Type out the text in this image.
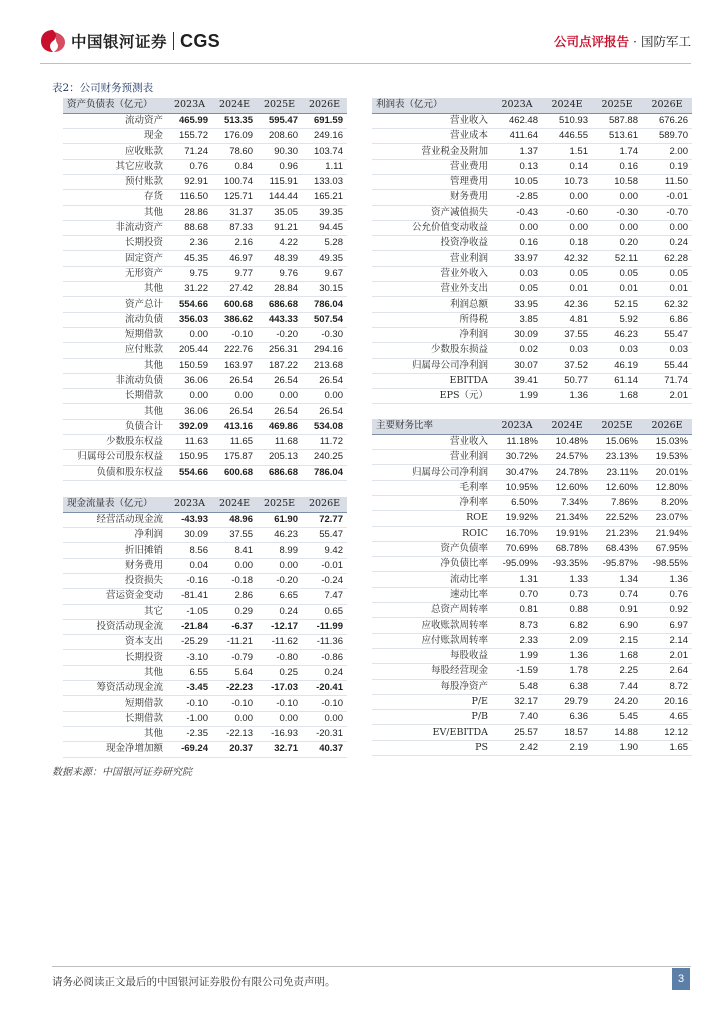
中国银河证券 CGS	公司点评报告 · 国防军工
表2：公司财务预测表
资产负债表（亿元）	2023A	2024E	2025E	2026E
流动资产	465.99	513.35	595.47	691.59
现金	155.72	176.09	208.60	249.16
应收账款	71.24	78.60	90.30	103.74
其它应收款	0.76	0.84	0.96	1.11
预付账款	92.91	100.74	115.91	133.03
存货	116.50	125.71	144.44	165.21
其他	28.86	31.37	35.05	39.35
非流动资产	88.68	87.33	91.21	94.45
长期投资	2.36	2.16	4.22	5.28
固定资产	45.35	46.97	48.39	49.35
无形资产	9.75	9.77	9.76	9.67
其他	31.22	27.42	28.84	30.15
资产总计	554.66	600.68	686.68	786.04
流动负债	356.03	386.62	443.33	507.54
短期借款	0.00	-0.10	-0.20	-0.30
应付账款	205.44	222.76	256.31	294.16
其他	150.59	163.97	187.22	213.68
非流动负债	36.06	26.54	26.54	26.54
长期借款	0.00	0.00	0.00	0.00
其他	36.06	26.54	26.54	26.54
负债合计	392.09	413.16	469.86	534.08
少数股东权益	11.63	11.65	11.68	11.72
归属母公司股东权益	150.95	175.87	205.13	240.25
负债和股东权益	554.66	600.68	686.68	786.04
现金流量表（亿元）	2023A	2024E	2025E	2026E
经营活动现金流	-43.93	48.96	61.90	72.77
净利润	30.09	37.55	46.23	55.47
折旧摊销	8.56	8.41	8.99	9.42
财务费用	0.04	0.00	0.00	-0.01
投资损失	-0.16	-0.18	-0.20	-0.24
营运资金变动	-81.41	2.86	6.65	7.47
其它	-1.05	0.29	0.24	0.65
投资活动现金流	-21.84	-6.37	-12.17	-11.99
资本支出	-25.29	-11.21	-11.62	-11.36
长期投资	-3.10	-0.79	-0.80	-0.86
其他	6.55	5.64	0.25	0.24
筹资活动现金流	-3.45	-22.23	-17.03	-20.41
短期借款	-0.10	-0.10	-0.10	-0.10
长期借款	-1.00	0.00	0.00	0.00
其他	-2.35	-22.13	-16.93	-20.31
现金净增加额	-69.24	20.37	32.71	40.37
利润表（亿元）	2023A	2024E	2025E	2026E
营业收入	462.48	510.93	587.88	676.26
营业成本	411.64	446.55	513.61	589.70
营业税金及附加	1.37	1.51	1.74	2.00
营业费用	0.13	0.14	0.16	0.19
管理费用	10.05	10.73	10.58	11.50
财务费用	-2.85	0.00	0.00	-0.01
资产减值损失	-0.43	-0.60	-0.30	-0.70
公允价值变动收益	0.00	0.00	0.00	0.00
投资净收益	0.16	0.18	0.20	0.24
营业利润	33.97	42.32	52.11	62.28
营业外收入	0.03	0.05	0.05	0.05
营业外支出	0.05	0.01	0.01	0.01
利润总额	33.95	42.36	52.15	62.32
所得税	3.85	4.81	5.92	6.86
净利润	30.09	37.55	46.23	55.47
少数股东损益	0.02	0.03	0.03	0.03
归属母公司净利润	30.07	37.52	46.19	55.44
EBITDA	39.41	50.77	61.14	71.74
EPS（元）	1.99	1.36	1.68	2.01
主要财务比率	2023A	2024E	2025E	2026E
营业收入	11.18%	10.48%	15.06%	15.03%
营业利润	30.72%	24.57%	23.13%	19.53%
归属母公司净利润	30.47%	24.78%	23.11%	20.01%
毛利率	10.95%	12.60%	12.60%	12.80%
净利率	6.50%	7.34%	7.86%	8.20%
ROE	19.92%	21.34%	22.52%	23.07%
ROIC	16.70%	19.91%	21.23%	21.94%
资产负债率	70.69%	68.78%	68.43%	67.95%
净负债比率	-95.09%	-93.35%	-95.87%	-98.55%
流动比率	1.31	1.33	1.34	1.36
速动比率	0.70	0.73	0.74	0.76
总资产周转率	0.81	0.88	0.91	0.92
应收账款周转率	8.73	6.82	6.90	6.97
应付账款周转率	2.33	2.09	2.15	2.14
每股收益	1.99	1.36	1.68	2.01
每股经营现金	-1.59	1.78	2.25	2.64
每股净资产	5.48	6.38	7.44	8.72
P/E	32.17	29.79	24.20	20.16
P/B	7.40	6.36	5.45	4.65
EV/EBITDA	25.57	18.57	14.88	12.12
PS	2.42	2.19	1.90	1.65
数据来源：中国银河证券研究院
请务必阅读正文最后的中国银河证券股份有限公司免责声明。	3
